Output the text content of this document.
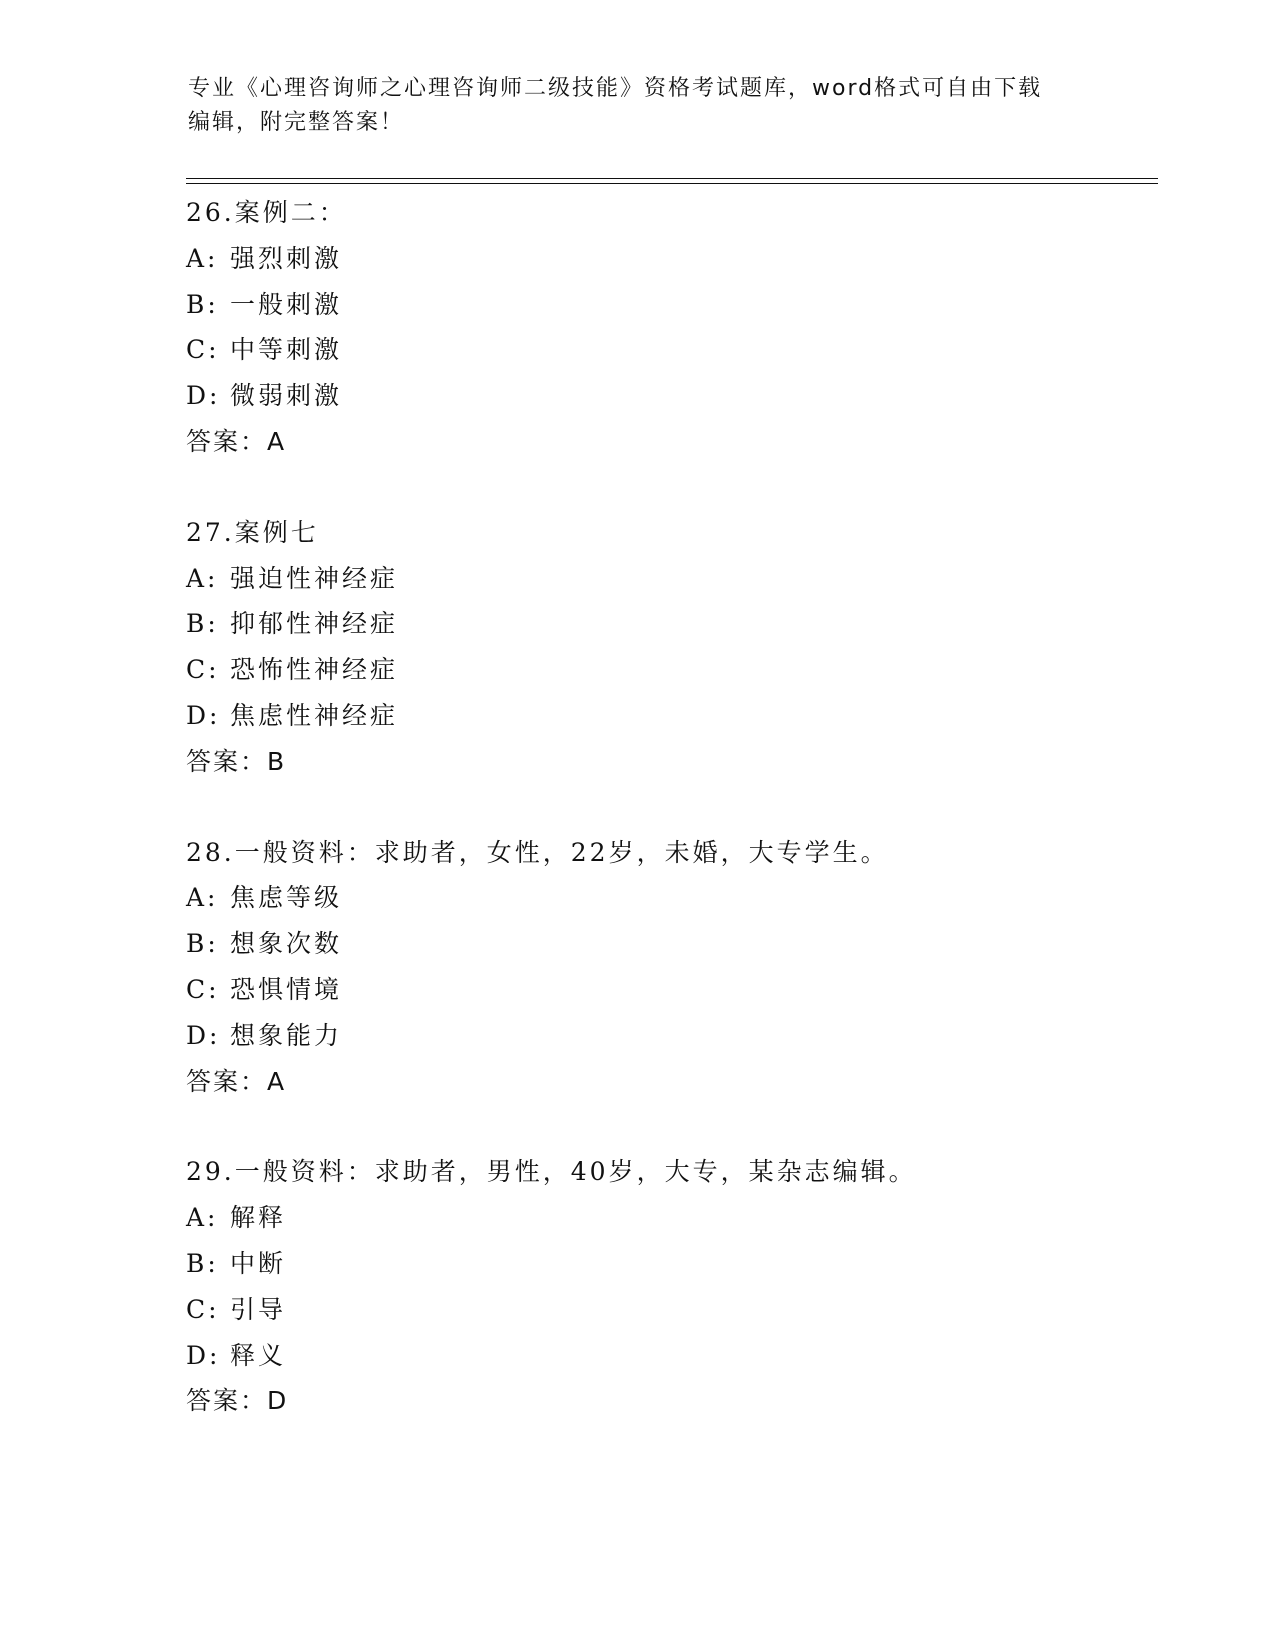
专业《心理咨询师之心理咨询师二级技能》资格考试题库，word格式可自由下载
编辑，附完整答案！
26.案例二：
A: 强烈刺激
B: 一般刺激
C: 中等刺激
D: 微弱刺激
答案：A
27.案例七
A: 强迫性神经症
B: 抑郁性神经症
C: 恐怖性神经症
D: 焦虑性神经症
答案：B
28.一般资料：求助者，女性，22岁，未婚，大专学生。
A: 焦虑等级
B: 想象次数
C: 恐惧情境
D: 想象能力
答案：A
29.一般资料：求助者，男性，40岁，大专，某杂志编辑。
A: 解释
B: 中断
C: 引导
D: 释义
答案：D
